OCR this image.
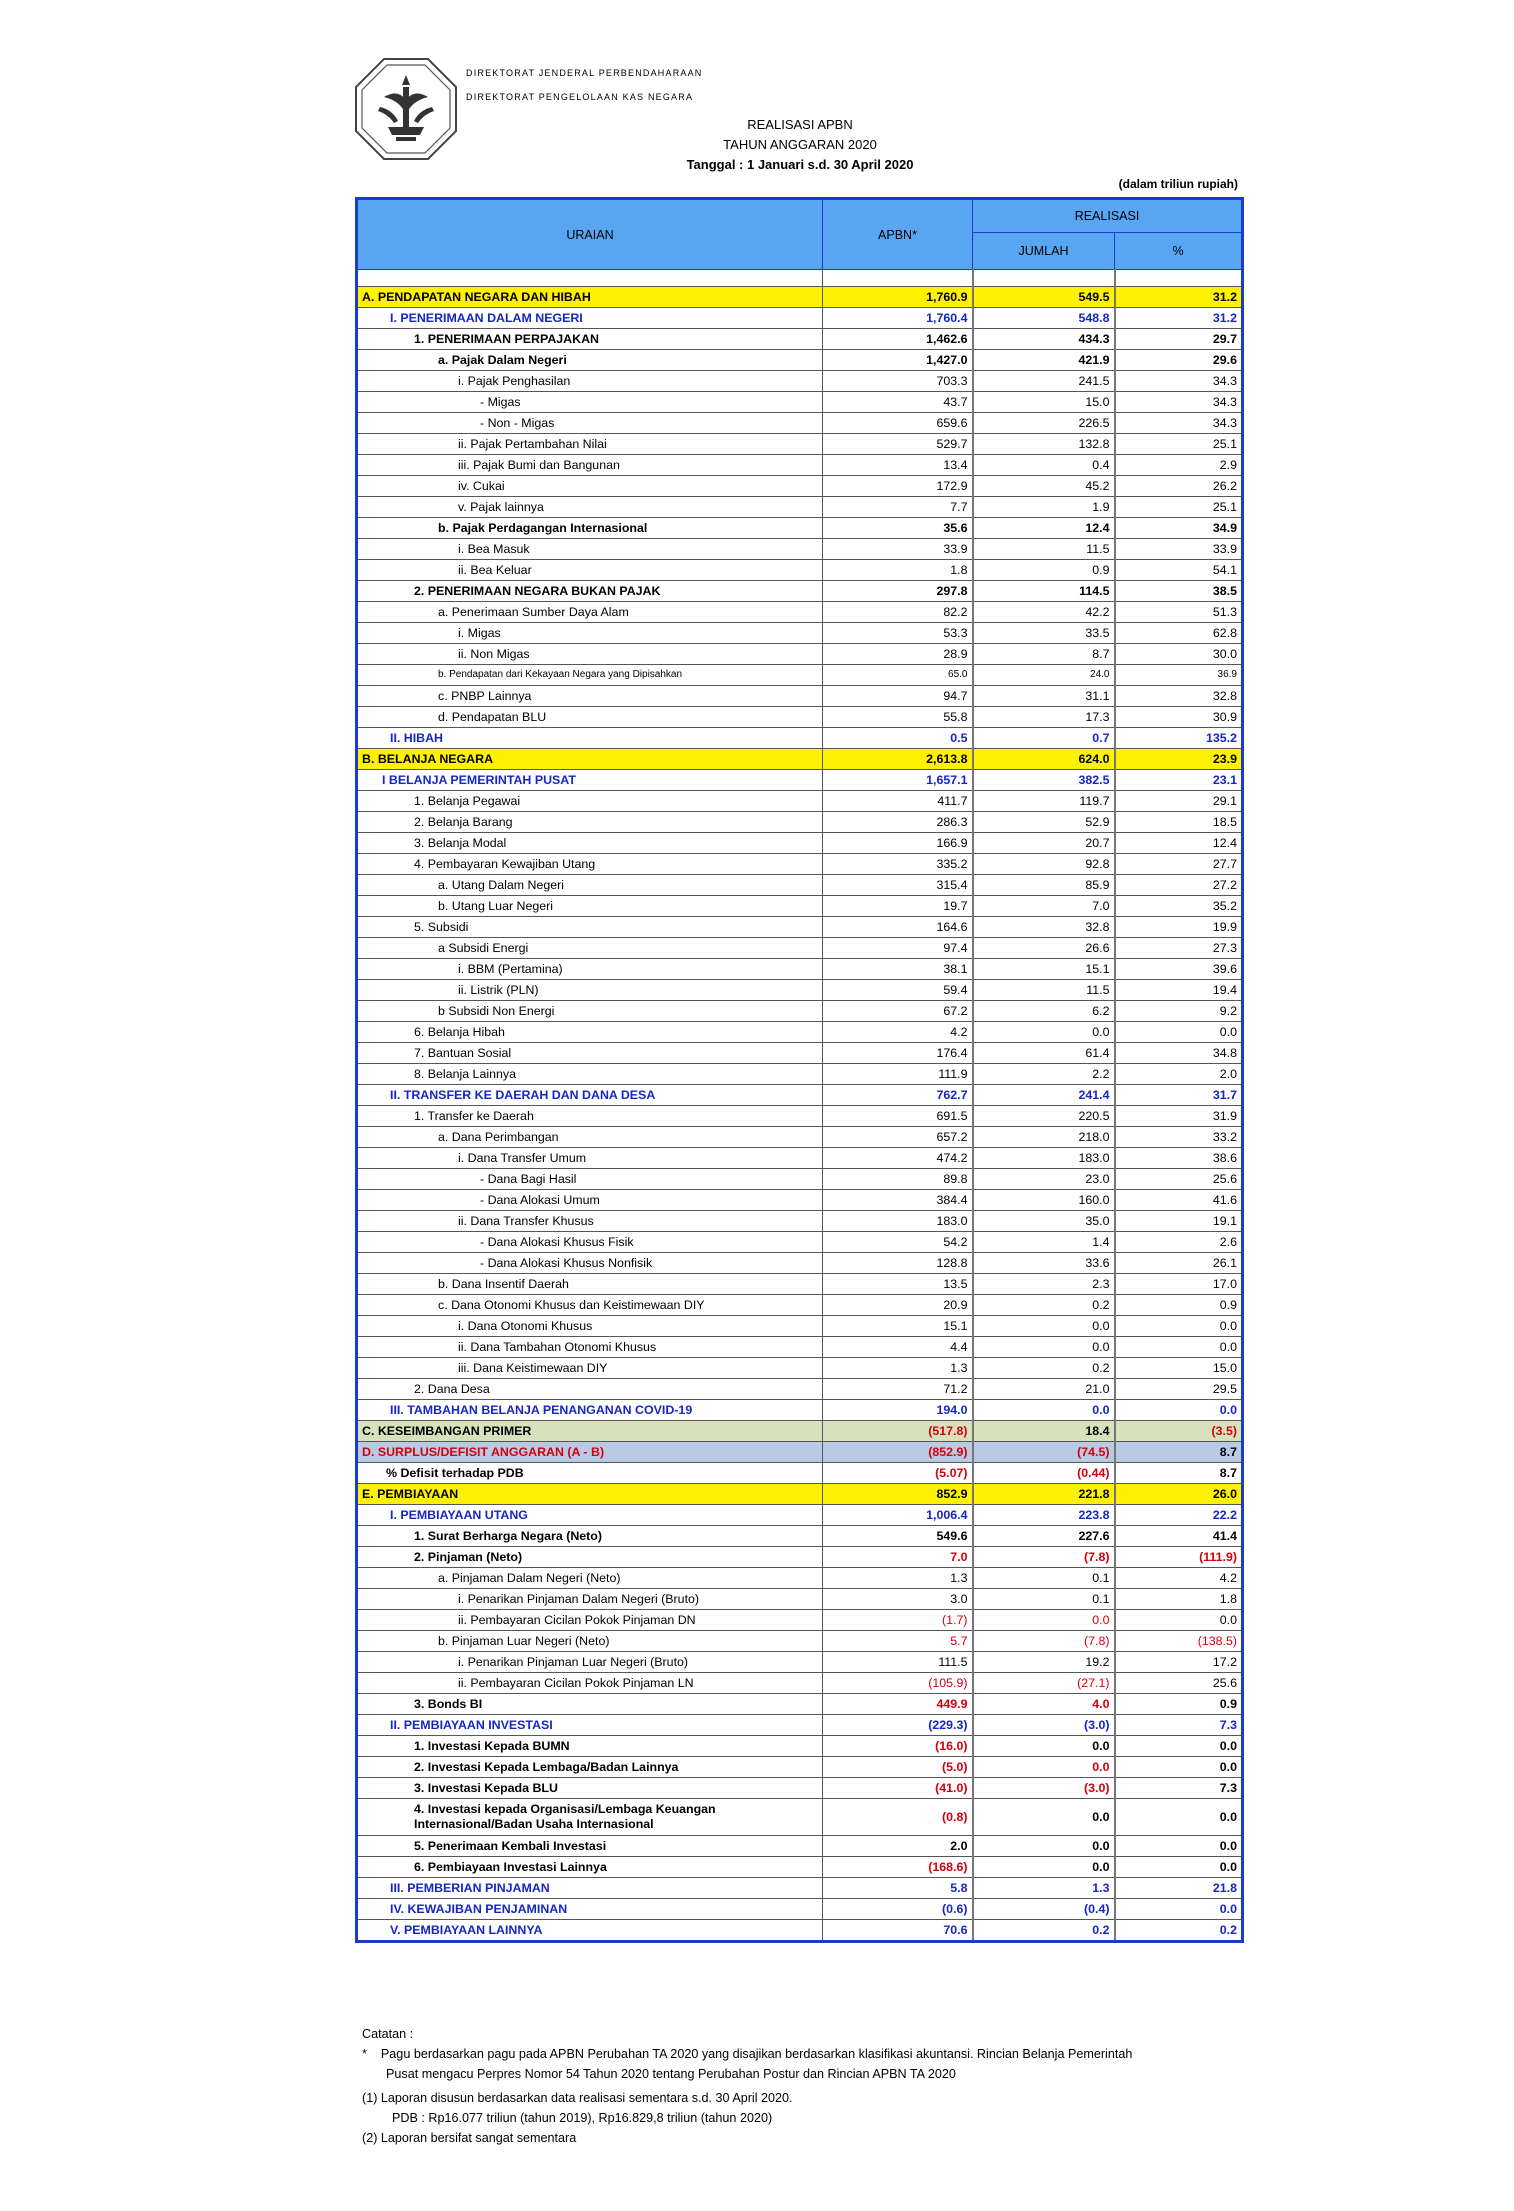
DIREKTORAT JENDERAL PERBENDAHARAAN
DIREKTORAT PENGELOLAAN KAS NEGARA
REALISASI APBN
TAHUN ANGGARAN 2020
Tanggal : 1 Januari s.d. 30 April 2020
(dalam triliun rupiah)
URAIAN	APBN*	REALISASI	
		JUMLAH	%

A. PENDAPATAN NEGARA DAN HIBAH	1,760.9	549.5	31.2
I. PENERIMAAN DALAM NEGERI	1,760.4	548.8	31.2
1. PENERIMAAN PERPAJAKAN	1,462.6	434.3	29.7
a. Pajak Dalam Negeri	1,427.0	421.9	29.6
i. Pajak Penghasilan	703.3	241.5	34.3
- Migas	43.7	15.0	34.3
- Non - Migas	659.6	226.5	34.3
ii. Pajak Pertambahan Nilai	529.7	132.8	25.1
iii. Pajak Bumi dan Bangunan	13.4	0.4	2.9
iv. Cukai	172.9	45.2	26.2
v. Pajak lainnya	7.7	1.9	25.1
b. Pajak Perdagangan Internasional	35.6	12.4	34.9
i. Bea Masuk	33.9	11.5	33.9
ii. Bea Keluar	1.8	0.9	54.1
2. PENERIMAAN NEGARA BUKAN PAJAK	297.8	114.5	38.5
a. Penerimaan Sumber Daya Alam	82.2	42.2	51.3
i. Migas	53.3	33.5	62.8
ii. Non Migas	28.9	8.7	30.0
b. Pendapatan dari Kekayaan Negara yang Dipisahkan	65.0	24.0	36.9
c. PNBP Lainnya	94.7	31.1	32.8
d. Pendapatan BLU	55.8	17.3	30.9
II. HIBAH	0.5	0.7	135.2
B. BELANJA NEGARA	2,613.8	624.0	23.9
I BELANJA PEMERINTAH PUSAT	1,657.1	382.5	23.1
1. Belanja Pegawai	411.7	119.7	29.1
2. Belanja Barang	286.3	52.9	18.5
3. Belanja Modal	166.9	20.7	12.4
4. Pembayaran Kewajiban Utang	335.2	92.8	27.7
a. Utang Dalam Negeri	315.4	85.9	27.2
b. Utang Luar Negeri	19.7	7.0	35.2
5. Subsidi	164.6	32.8	19.9
a Subsidi Energi	97.4	26.6	27.3
i. BBM (Pertamina)	38.1	15.1	39.6
ii. Listrik (PLN)	59.4	11.5	19.4
b Subsidi Non Energi	67.2	6.2	9.2
6. Belanja Hibah	4.2	0.0	0.0
7. Bantuan Sosial	176.4	61.4	34.8
8. Belanja Lainnya	111.9	2.2	2.0
II. TRANSFER KE DAERAH DAN DANA DESA	762.7	241.4	31.7
1. Transfer ke Daerah	691.5	220.5	31.9
a. Dana Perimbangan	657.2	218.0	33.2
i. Dana Transfer Umum	474.2	183.0	38.6
- Dana Bagi Hasil	89.8	23.0	25.6
- Dana Alokasi Umum	384.4	160.0	41.6
ii. Dana Transfer Khusus	183.0	35.0	19.1
- Dana Alokasi Khusus Fisik	54.2	1.4	2.6
- Dana Alokasi Khusus Nonfisik	128.8	33.6	26.1
b. Dana Insentif Daerah	13.5	2.3	17.0
c. Dana Otonomi Khusus dan Keistimewaan DIY	20.9	0.2	0.9
i. Dana Otonomi Khusus	15.1	0.0	0.0
ii. Dana Tambahan Otonomi Khusus	4.4	0.0	0.0
iii. Dana Keistimewaan DIY	1.3	0.2	15.0
2. Dana Desa	71.2	21.0	29.5
III. TAMBAHAN BELANJA PENANGANAN COVID-19	194.0	0.0	0.0
C. KESEIMBANGAN PRIMER	(517.8)	18.4	(3.5)
D. SURPLUS/DEFISIT ANGGARAN (A - B)	(852.9)	(74.5)	8.7
% Defisit terhadap PDB	(5.07)	(0.44)	8.7
E. PEMBIAYAAN	852.9	221.8	26.0
I. PEMBIAYAAN UTANG	1,006.4	223.8	22.2
1. Surat Berharga Negara (Neto)	549.6	227.6	41.4
2. Pinjaman (Neto)	7.0	(7.8)	(111.9)
a. Pinjaman Dalam Negeri (Neto)	1.3	0.1	4.2
i. Penarikan Pinjaman Dalam Negeri (Bruto)	3.0	0.1	1.8
ii. Pembayaran Cicilan Pokok Pinjaman DN	(1.7)	0.0	0.0
b. Pinjaman Luar Negeri (Neto)	5.7	(7.8)	(138.5)
i. Penarikan Pinjaman Luar Negeri (Bruto)	111.5	19.2	17.2
ii. Pembayaran Cicilan Pokok Pinjaman LN	(105.9)	(27.1)	25.6
3. Bonds BI	449.9	4.0	0.9
II. PEMBIAYAAN INVESTASI	(229.3)	(3.0)	7.3
1. Investasi Kepada BUMN	(16.0)	0.0	0.0
2. Investasi Kepada Lembaga/Badan Lainnya	(5.0)	0.0	0.0
3. Investasi Kepada BLU	(41.0)	(3.0)	7.3
4. Investasi kepada Organisasi/Lembaga Keuangan Internasional/Badan Usaha Internasional	(0.8)	0.0	0.0
5. Penerimaan Kembali Investasi	2.0	0.0	0.0
6. Pembiayaan Investasi Lainnya	(168.6)	0.0	0.0
III. PEMBERIAN PINJAMAN	5.8	1.3	21.8
IV. KEWAJIBAN PENJAMINAN	(0.6)	(0.4)	0.0
V. PEMBIAYAAN LAINNYA	70.6	0.2	0.2
Catatan :
* Pagu berdasarkan pagu pada APBN Perubahan TA 2020 yang disajikan berdasarkan klasifikasi akuntansi. Rincian Belanja Pemerintah
Pusat mengacu Perpres Nomor 54 Tahun 2020 tentang Perubahan Postur dan Rincian APBN TA 2020
(1) Laporan disusun berdasarkan data realisasi sementara s.d. 30 April 2020.
PDB : Rp16.077 triliun (tahun 2019), Rp16.829,8 triliun (tahun 2020)
(2) Laporan bersifat sangat sementara
